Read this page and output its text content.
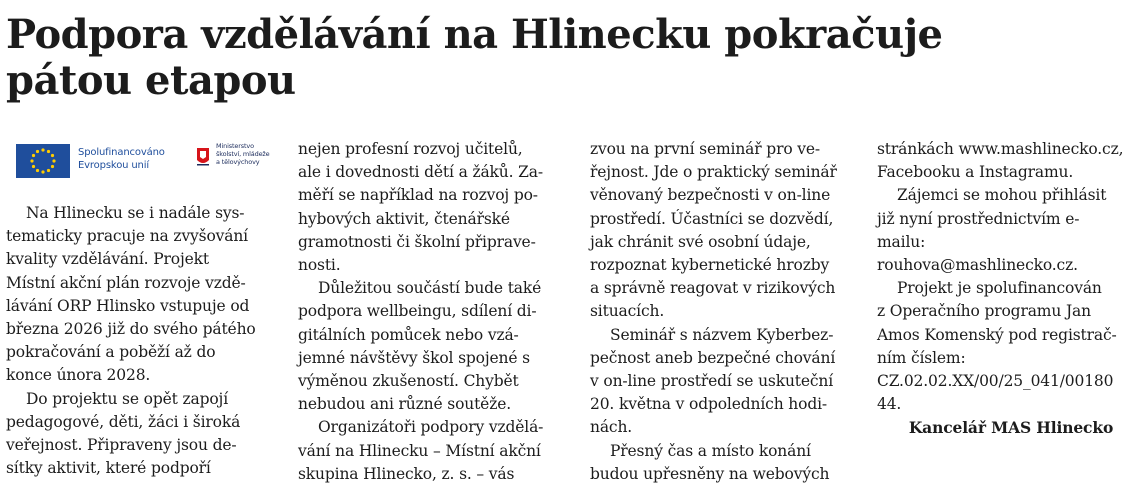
Podpora vzdělávání na Hlinecku pokračuje
pátou etapou
Spolufinancováno
Evropskou unií
Ministerstvo
školství, mládeže
a tělovýchovy

Na Hlinecku se i nadále sys-

tematicky pracuje na zvyšování
kvality vzdělávání. Projekt
Místní akční plán rozvoje vzdě-
lávání ORP Hlinsko vstupuje od
března 2026 již do svého pátého
pokračování a poběží až do
konce února 2028.

Do projektu se opět zapojí

pedagogové, děti, žáci i široká
veřejnost. Připraveny jsou de-
sítky aktivit, které podpoří

nejen profesní rozvoj učitelů,
ale i dovednosti dětí a žáků. Za-
měří se například na rozvoj po-
hybových aktivit, čtenářské
gramotnosti či školní připrave-
nosti.

Důležitou součástí bude také

podpora wellbeingu, sdílení di-
gitálních pomůcek nebo vzá-
jemné návštěvy škol spojené s
výměnou zkušeností. Chybět
nebudou ani různé soutěže.

Organizátoři podpory vzdělá-

vání na Hlinecku – Místní akční
skupina Hlinecko, z. s. – vás

zvou na první seminář pro ve-
řejnost. Jde o praktický seminář
věnovaný bezpečnosti v on-line
prostředí. Účastníci se dozvědí,
jak chránit své osobní údaje,
rozpoznat kybernetické hrozby
a správně reagovat v rizikových
situacích.

Seminář s názvem Kyberbez-

pečnost aneb bezpečné chování
v on-line prostředí se uskuteční
20. května v odpoledních hodi-
nách.

Přesný čas a místo konání

budou upřesněny na webových

stránkách www.mashlinecko.cz,
Facebooku a Instagramu.

Zájemci se mohou přihlásit

již nyní prostřednictvím e-
mailu:
rouhova@mashlinecko.cz.

Projekt je spolufinancován

z Operačního programu Jan
Amos Komenský pod registrač-
ním číslem:
CZ.02.02.XX/00/25_041/00180
44.

Kancelář MAS Hlinecko
